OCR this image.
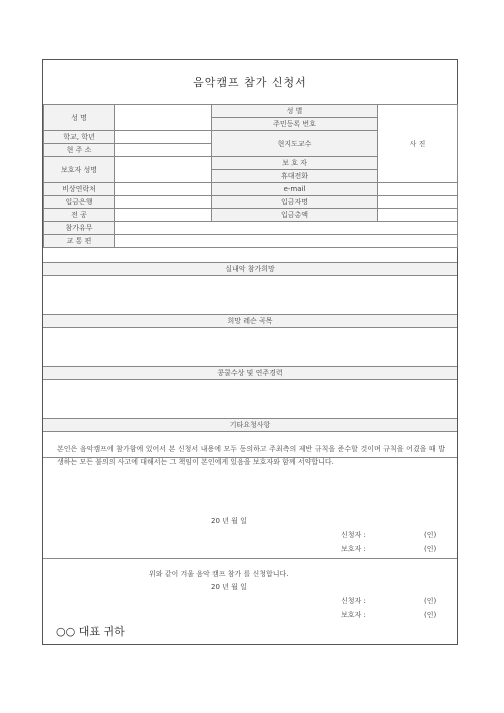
음악캠프 참가 신청서
성 명		성 별	사 진
		주민등록 번호	
학교, 학년		현지도교수	
현 주 소			
보호자 성명		보 호 자	
		휴대전화	
비상연락처		e-mail	
입금은행		입금자명	
전 공		입금총액	
참가유무			
교 통 편			
실내악 참가희망
희망 레슨 곡목
콩쿨수상 및 연주경력
기타요청사항

본인은 음악캠프에 참가함에 있어서 본 신청서 내용에 모두 동의하고 주최측의 제반 규칙을 준수할 것이며 규칙을 어겼을 때 발생하는 모든 불의의 사고에 대해서는 그 책임이 본인에게 있음을 보호자와 함께 서약합니다.

20 년 월 일
신청자 :	(인)
보호자 :	(인)
위와 같이 겨울 음악 캠프 참가 를 신청합니다.
20 년 월 일
신청자 :	(인)
보호자 :	(인)
○○ 대표 귀하
